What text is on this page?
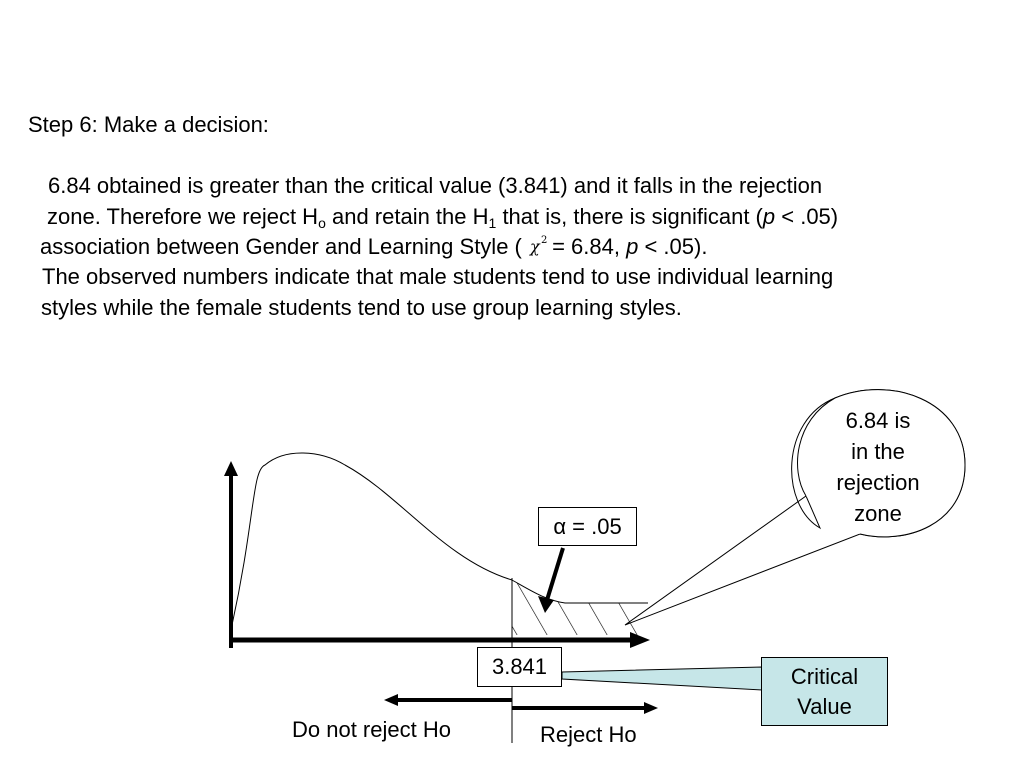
Step 6: Make a decision:
6.84 obtained is greater than the critical value (3.841) and it falls in the rejection
zone. Therefore we reject $H_o$ and retain the $H_1$ that is, there is significant (p < .05)
association between Gender and Learning Style ( χ 2
= 6.84, p < .05).
The observed numbers indicate that male students tend to use individual learning
styles while the female students tend to use group learning styles.
6.84 is
in the
rejection
zone
α = .05
3.841	Critical
Value
Do not reject Ho	Reject Ho
